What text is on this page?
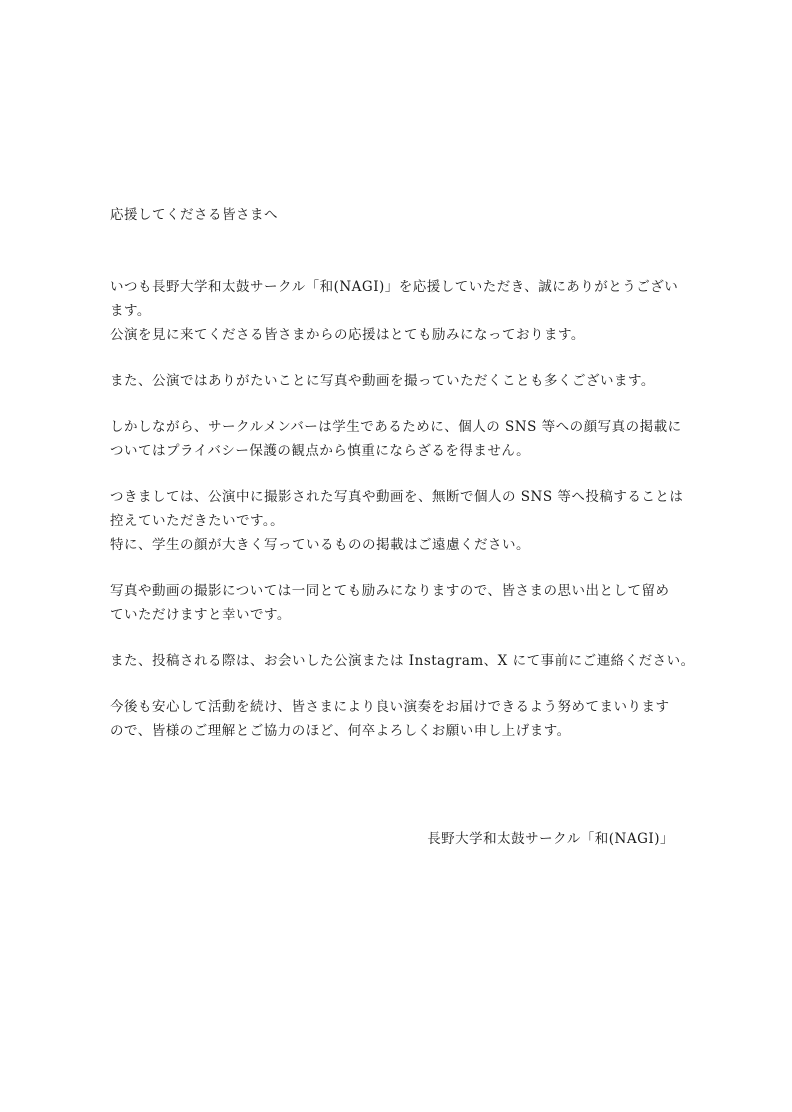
応援してくださる皆さまへ

いつも長野大学和太鼓サークル「和(NAGI)」を応援していただき、誠にありがとうござい
ます。
公演を見に来てくださる皆さまからの応援はとても励みになっております。

また、公演ではありがたいことに写真や動画を撮っていただくことも多くございます。

しかしながら、サークルメンバーは学生であるために、個人の SNS 等への顔写真の掲載に
ついてはプライバシー保護の観点から慎重にならざるを得ません。

つきましては、公演中に撮影された写真や動画を、無断で個人の SNS 等へ投稿することは
控えていただきたいです。。
特に、学生の顔が大きく写っているものの掲載はご遠慮ください。

写真や動画の撮影については一同とても励みになりますので、皆さまの思い出として留め
ていただけますと幸いです。

また、投稿される際は、お会いした公演または Instagram、X にて事前にご連絡ください。

今後も安心して活動を続け、皆さまにより良い演奏をお届けできるよう努めてまいります
ので、皆様のご理解とご協力のほど、何卒よろしくお願い申し上げます。

長野大学和太鼓サークル「和(NAGI)」
